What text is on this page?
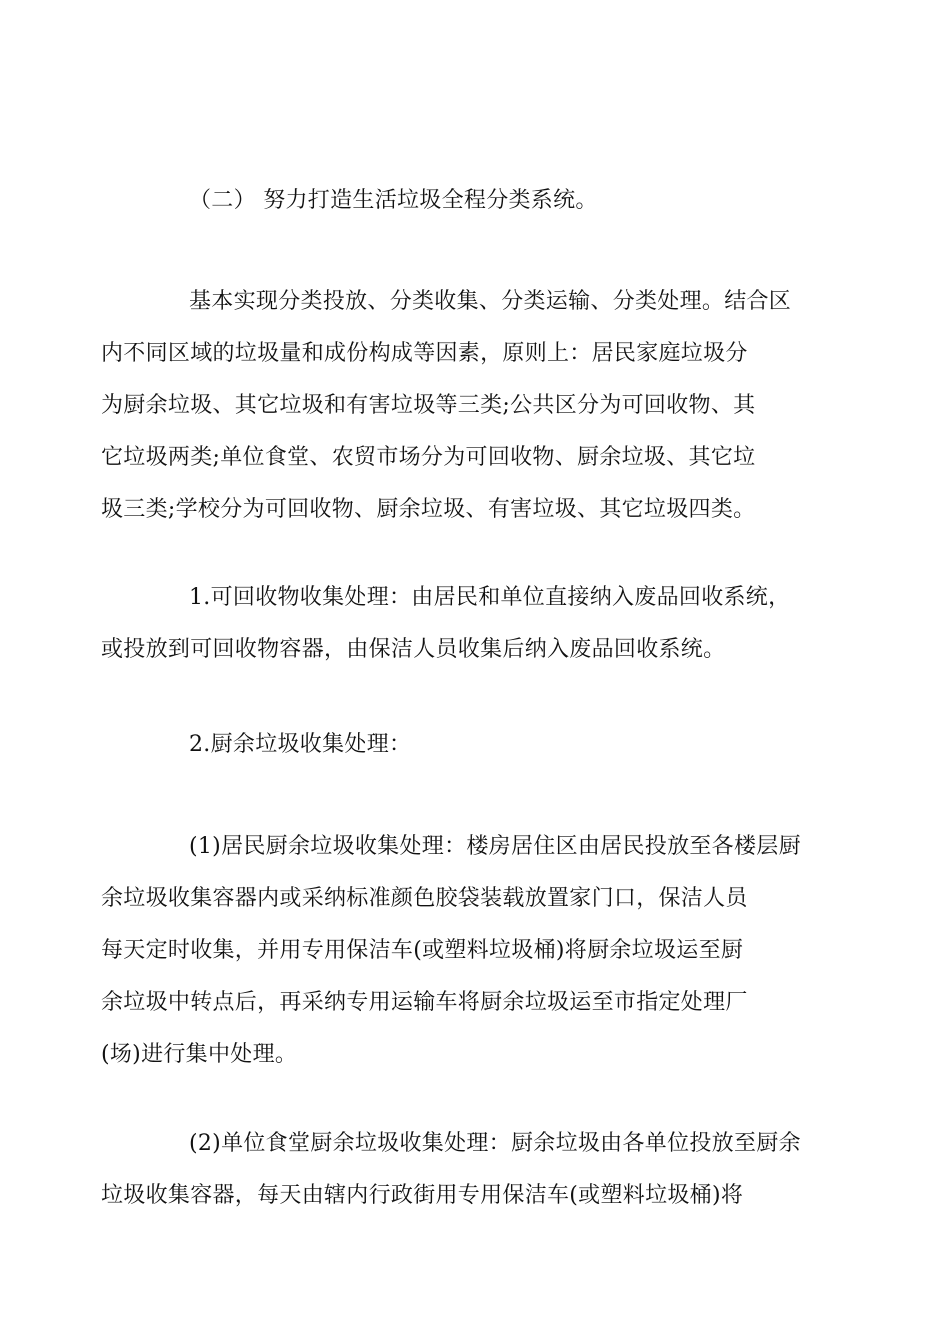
（二） 努力打造生活垃圾全程分类系统。

基本实现分类投放、分类收集、分类运输、分类处理。结合区
内不同区域的垃圾量和成份构成等因素，原则上：居民家庭垃圾分
为厨余垃圾、其它垃圾和有害垃圾等三类;公共区分为可回收物、其
它垃圾两类;单位食堂、农贸市场分为可回收物、厨余垃圾、其它垃
圾三类;学校分为可回收物、厨余垃圾、有害垃圾、其它垃圾四类。

1.可回收物收集处理：由居民和单位直接纳入废品回收系统，
或投放到可回收物容器，由保洁人员收集后纳入废品回收系统。

2.厨余垃圾收集处理：

(1)居民厨余垃圾收集处理：楼房居住区由居民投放至各楼层厨
余垃圾收集容器内或采纳标准颜色胶袋装载放置家门口，保洁人员
每天定时收集，并用专用保洁车(或塑料垃圾桶)将厨余垃圾运至厨
余垃圾中转点后，再采纳专用运输车将厨余垃圾运至市指定处理厂
(场)进行集中处理。

(2)单位食堂厨余垃圾收集处理：厨余垃圾由各单位投放至厨余
垃圾收集容器，每天由辖内行政街用专用保洁车(或塑料垃圾桶)将
